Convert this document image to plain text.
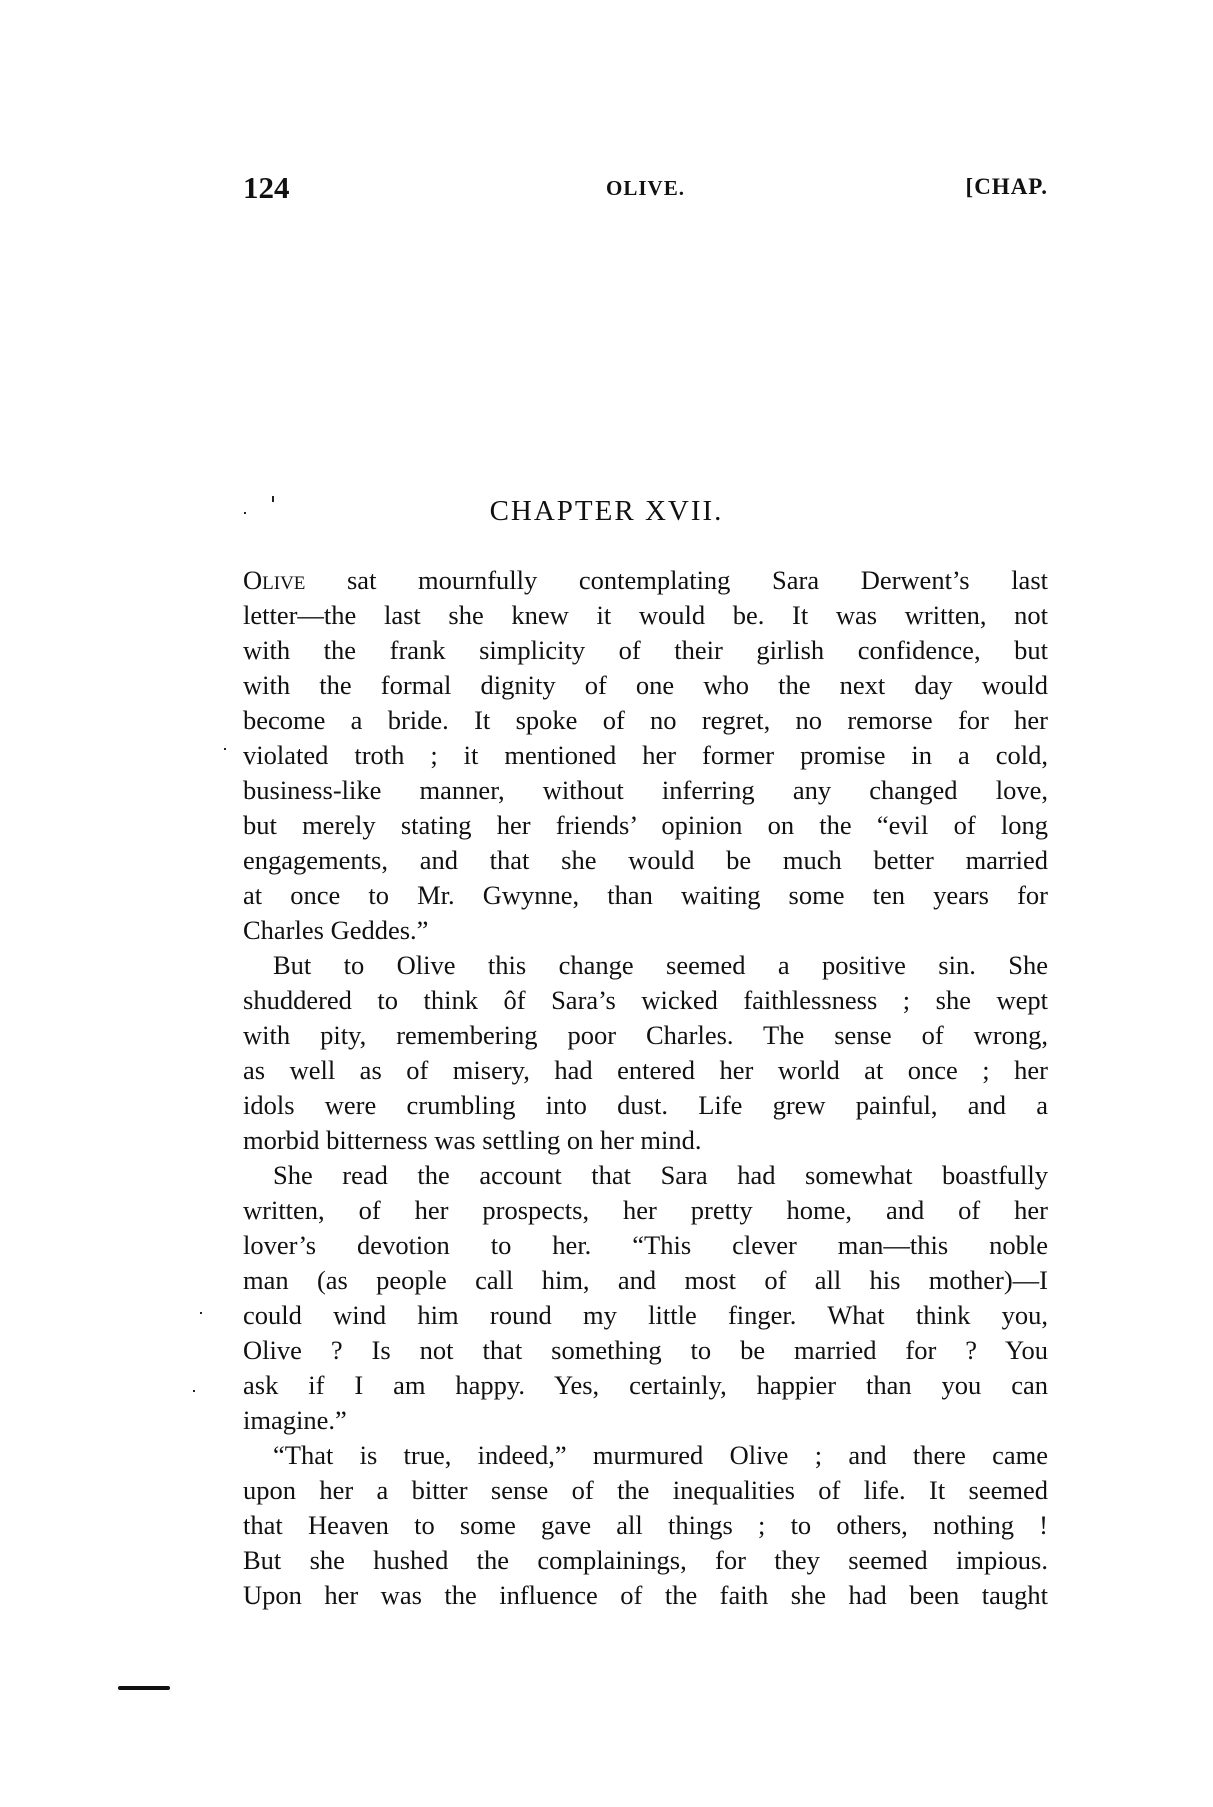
124	OLIVE.	[CHAP.
CHAPTER XVII.
Olive sat mournfully contemplating Sara Derwent’s last
letter—the last she knew it would be. It was written, not
with the frank simplicity of their girlish confidence, but
with the formal dignity of one who the next day would
become a bride. It spoke of no regret, no remorse for her
violated troth ; it mentioned her former promise in a cold,
business-like manner, without inferring any changed love,
but merely stating her friends’ opinion on the “evil of long
engagements, and that she would be much better married
at once to Mr. Gwynne, than waiting some ten years for
Charles Geddes.”
But to Olive this change seemed a positive sin. She
shuddered to think ôf Sara’s wicked faithlessness ; she wept
with pity, remembering poor Charles. The sense of wrong,
as well as of misery, had entered her world at once ; her
idols were crumbling into dust. Life grew painful, and a
morbid bitterness was settling on her mind.
She read the account that Sara had somewhat boastfully
written, of her prospects, her pretty home, and of her
lover’s devotion to her. “This clever man—this noble
man (as people call him, and most of all his mother)—I
could wind him round my little finger. What think you,
Olive ? Is not that something to be married for ? You
ask if I am happy. Yes, certainly, happier than you can
imagine.”
“That is true, indeed,” murmured Olive ; and there came
upon her a bitter sense of the inequalities of life. It seemed
that Heaven to some gave all things ; to others, nothing !
But she hushed the complainings, for they seemed impious.
Upon her was the influence of the faith she had been taught
